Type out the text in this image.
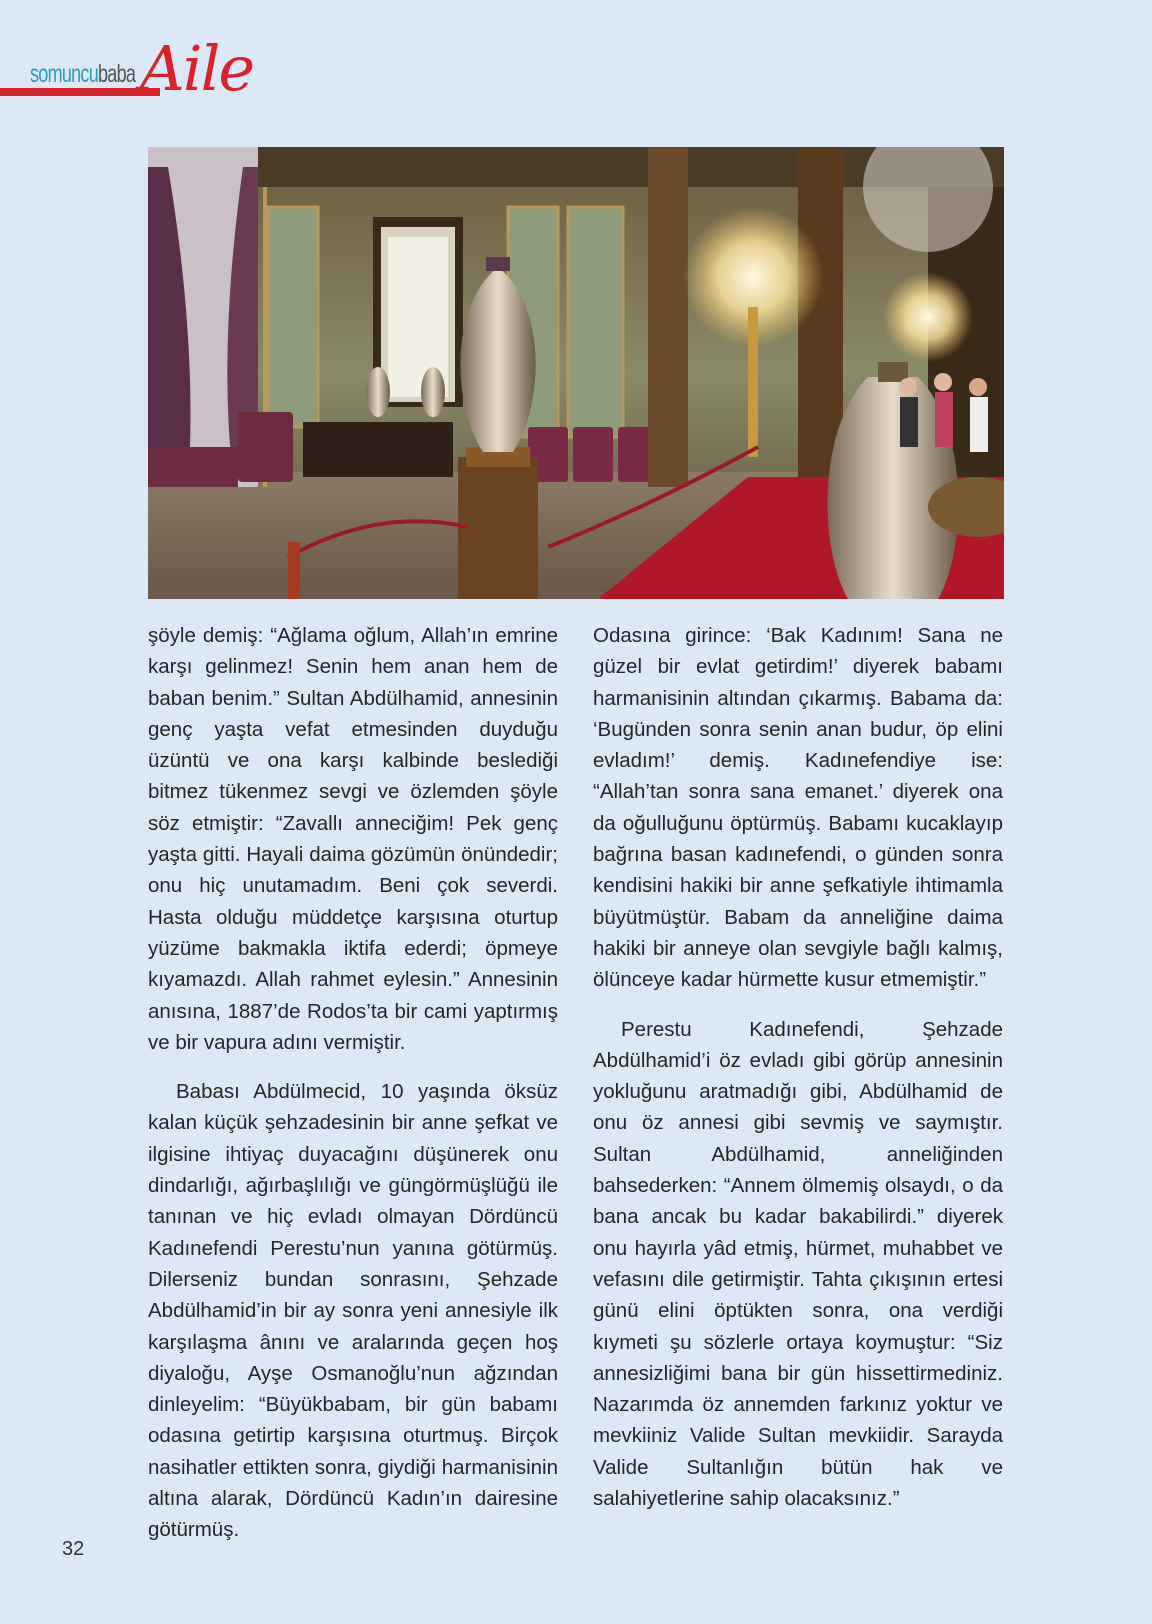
somuncubaba Aile

şöyle demiş: “Ağlama oğlum, Allah’ın emrine karşı gelinmez! Senin hem anan hem de baban benim.” Sultan Abdülhamid, annesinin genç yaşta vefat etmesinden duyduğu üzüntü ve ona karşı kalbinde beslediği bitmez tükenmez sevgi ve özlemden şöyle söz etmiştir: “Zavallı anneciğim! Pek genç yaşta gitti. Hayali daima gözümün önündedir; onu hiç unutamadım. Beni çok severdi. Hasta olduğu müddetçe karşısına oturtup yüzüme bakmakla iktifa ederdi; öpmeye kıyamazdı. Allah rahmet eylesin.” Annesinin anısına, 1887’de Rodos’ta bir cami yaptırmış ve bir vapura adını vermiştir.

Babası Abdülmecid, 10 yaşında öksüz kalan küçük şehzadesinin bir anne şefkat ve ilgisine ihtiyaç duyacağını düşünerek onu dindarlığı, ağırbaşlılığı ve güngörmüşlüğü ile tanınan ve hiç evladı olmayan Dördüncü Kadınefendi Perestu’nun yanına götürmüş. Dilerseniz bundan sonrasını, Şehzade Abdülhamid’in bir ay sonra yeni annesiyle ilk karşılaşma ânını ve aralarında geçen hoş diyaloğu, Ayşe Osmanoğlu’nun ağzından dinleyelim: “Büyükbabam, bir gün babamı odasına getirtip karşısına oturtmuş. Birçok nasihatler ettikten sonra, giydiği harmanisinin altına alarak, Dördüncü Kadın’ın dairesine götürmüş.

Odasına girince: ‘Bak Kadınım! Sana ne güzel bir evlat getirdim!’ diyerek babamı harmanisinin altından çıkarmış. Babama da: ‘Bugünden sonra senin anan budur, öp elini evladım!’ demiş. Kadınefendiye ise: “Allah’tan sonra sana emanet.’ diyerek ona da oğulluğunu öptürmüş. Babamı kucaklayıp bağrına basan kadınefendi, o günden sonra kendisini hakiki bir anne şefkatiyle ihtimamla büyütmüştür. Babam da anneliğine daima hakiki bir anneye olan sevgiyle bağlı kalmış, ölünceye kadar hürmette kusur etmemiştir.”

Perestu Kadınefendi, Şehzade Abdülhamid’i öz evladı gibi görüp annesinin yokluğunu aratmadığı gibi, Abdülhamid de onu öz annesi gibi sevmiş ve saymıştır. Sultan Abdülhamid, anneliğinden bahsederken: “Annem ölmemiş olsaydı, o da bana ancak bu kadar bakabilirdi.” diyerek onu hayırla yâd etmiş, hürmet, muhabbet ve vefasını dile getirmiştir. Tahta çıkışının ertesi günü elini öptükten sonra, ona verdiği kıymeti şu sözlerle ortaya koymuştur: “Siz annesizliğimi bana bir gün hissettirmediniz. Nazarımda öz annemden farkınız yoktur ve mevkiiniz Valide Sultan mevkiidir. Sarayda Valide Sultanlığın bütün hak ve salahiyetlerine sahip olacaksınız.”

32
